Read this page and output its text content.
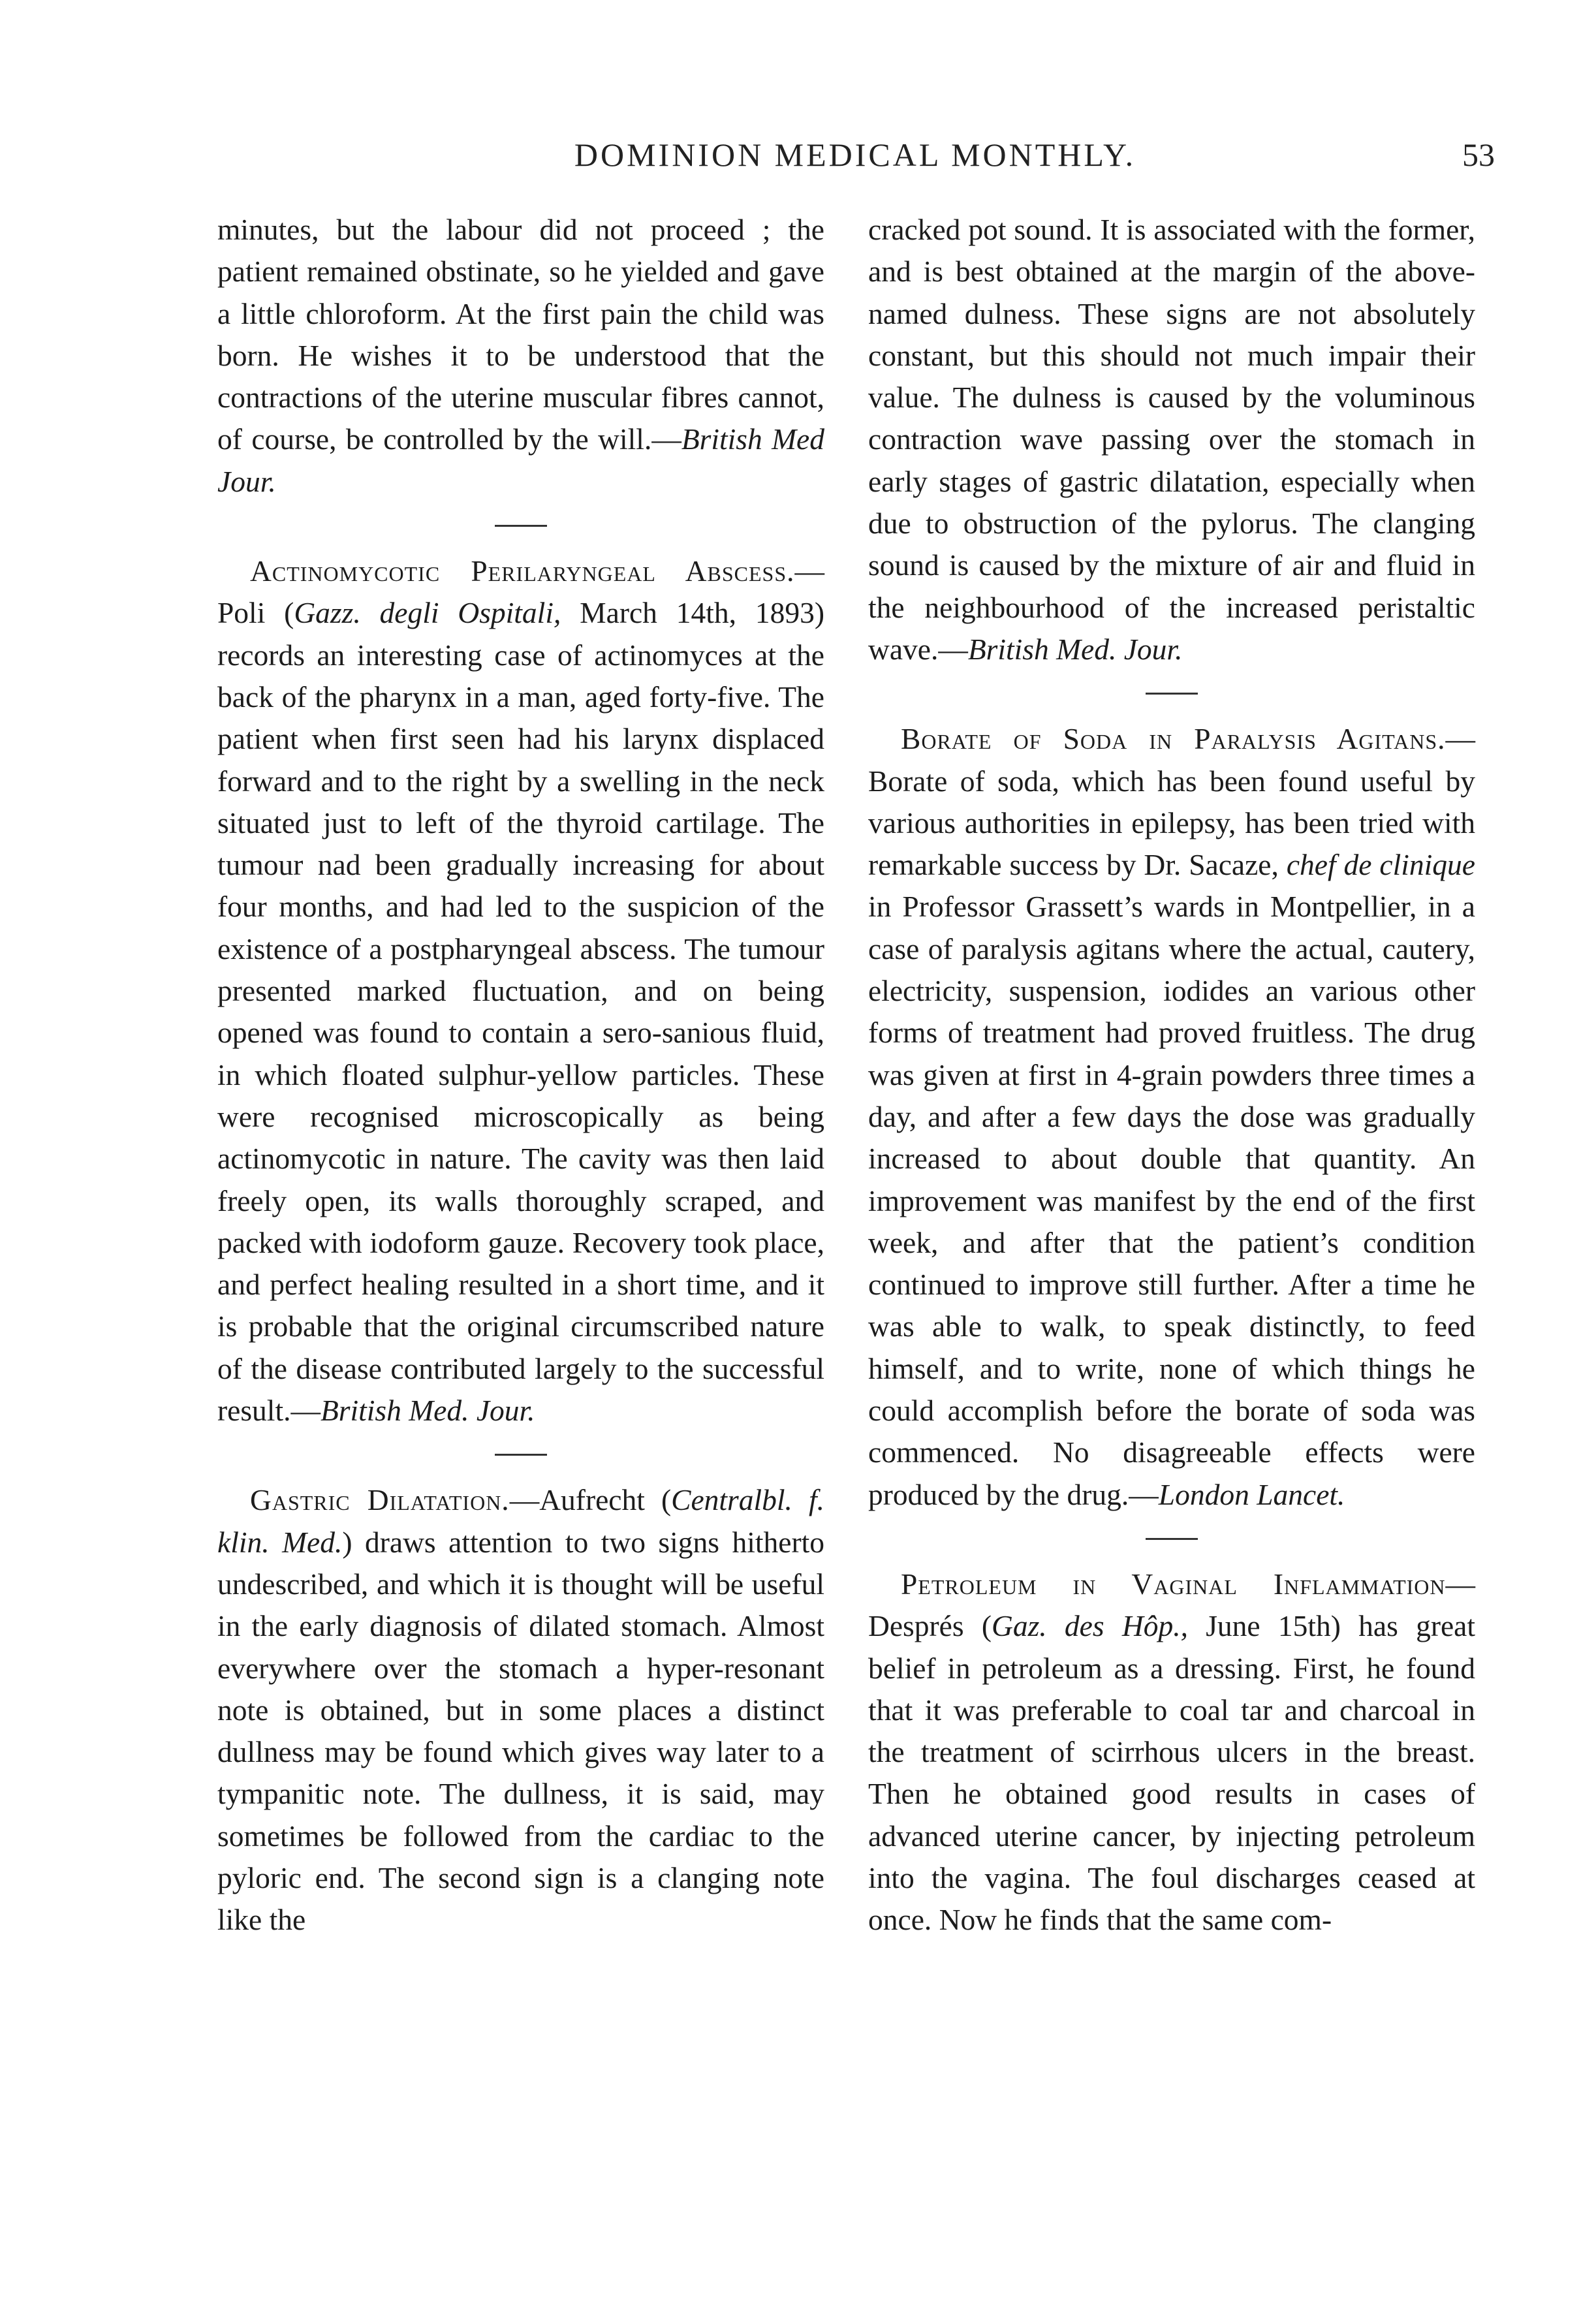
DOMINION MEDICAL MONTHLY.	53

minutes, but the labour did not proceed ; the patient remained obstinate, so he yielded and gave a little chloroform. At the first pain the child was born. He wishes it to be understood that the contractions of the uterine muscular fibres cannot, of course, be controlled by the will.—British Med Jour.

Actinomycotic Perilaryngeal Abscess.—Poli (Gazz. degli Ospitali, March 14th, 1893) records an interesting case of actinomyces at the back of the pharynx in a man, aged forty-five. The patient when first seen had his larynx displaced forward and to the right by a swelling in the neck situated just to left of the thyroid cartilage. The tumour nad been gradually increasing for about four months, and had led to the suspicion of the existence of a postpharyngeal abscess. The tumour presented marked fluctuation, and on being opened was found to contain a sero-sanious fluid, in which floated sulphur-yellow particles. These were recognised microscopically as being actinomycotic in nature. The cavity was then laid freely open, its walls thoroughly scraped, and packed with iodoform gauze. Recovery took place, and perfect healing resulted in a short time, and it is probable that the original circumscribed nature of the disease contributed largely to the successful result.—British Med. Jour.

Gastric Dilatation.—Aufrecht (Centralbl. f. klin. Med.) draws attention to two signs hitherto undescribed, and which it is thought will be useful in the early diagnosis of dilated stomach. Almost everywhere over the stomach a hyper-resonant note is obtained, but in some places a distinct dullness may be found which gives way later to a tympanitic note. The dullness, it is said, may sometimes be followed from the cardiac to the pyloric end. The second sign is a clanging note like the

cracked pot sound. It is associated with the former, and is best obtained at the margin of the above-named dulness. These signs are not absolutely constant, but this should not much impair their value. The dulness is caused by the voluminous contraction wave passing over the stomach in early stages of gastric dilatation, especially when due to obstruction of the pylorus. The clanging sound is caused by the mixture of air and fluid in the neighbourhood of the increased peristaltic wave.—British Med. Jour.

Borate of Soda in Paralysis Agitans.—Borate of soda, which has been found useful by various authorities in epilepsy, has been tried with remarkable success by Dr. Sacaze, chef de clinique in Professor Grassett’s wards in Montpellier, in a case of paralysis agitans where the actual, cautery, electricity, suspension, iodides an various other forms of treatment had proved fruitless. The drug was given at first in 4-grain powders three times a day, and after a few days the dose was gradually increased to about double that quantity. An improvement was manifest by the end of the first week, and after that the patient’s condition continued to improve still further. After a time he was able to walk, to speak distinctly, to feed himself, and to write, none of which things he could accomplish before the borate of soda was commenced. No disagreeable effects were produced by the drug.—London Lancet.

Petroleum in Vaginal Inflammation—Després (Gaz. des Hôp., June 15th) has great belief in petroleum as a dressing. First, he found that it was preferable to coal tar and charcoal in the treatment of scirrhous ulcers in the breast. Then he obtained good results in cases of advanced uterine cancer, by injecting petroleum into the vagina. The foul discharges ceased at once. Now he finds that the same com-
